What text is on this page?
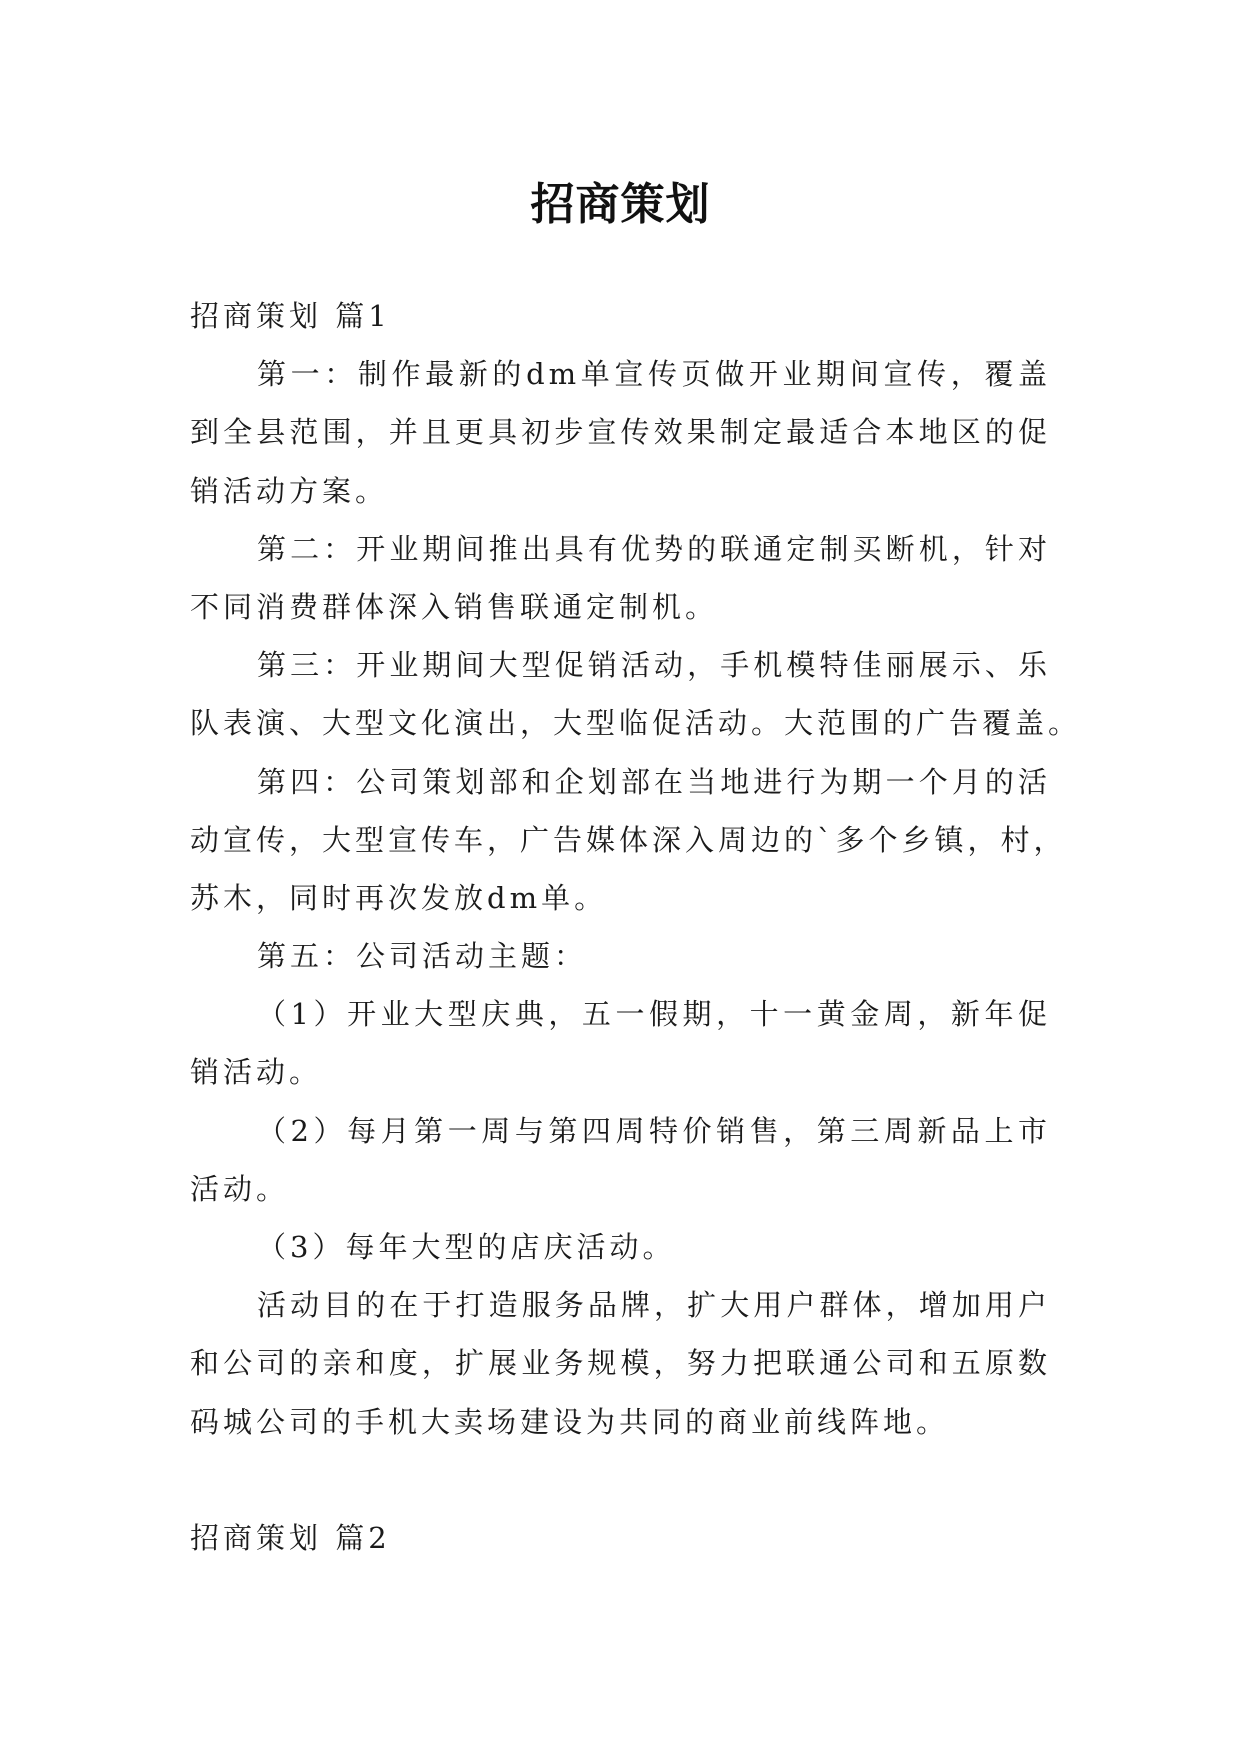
招商策划
招商策划 篇1
第一：制作最新的dm单宣传页做开业期间宣传，覆盖
到全县范围，并且更具初步宣传效果制定最适合本地区的促
销活动方案。
第二：开业期间推出具有优势的联通定制买断机，针对
不同消费群体深入销售联通定制机。
第三：开业期间大型促销活动，手机模特佳丽展示、乐
队表演、大型文化演出，大型临促活动。大范围的广告覆盖。
第四：公司策划部和企划部在当地进行为期一个月的活
动宣传，大型宣传车，广告媒体深入周边的`多个乡镇，村，
苏木，同时再次发放dm单。
第五：公司活动主题：
（1）开业大型庆典，五一假期，十一黄金周，新年促
销活动。
（2）每月第一周与第四周特价销售，第三周新品上市
活动。
（3）每年大型的店庆活动。
活动目的在于打造服务品牌，扩大用户群体，增加用户
和公司的亲和度，扩展业务规模，努力把联通公司和五原数
码城公司的手机大卖场建设为共同的商业前线阵地。
招商策划 篇2
